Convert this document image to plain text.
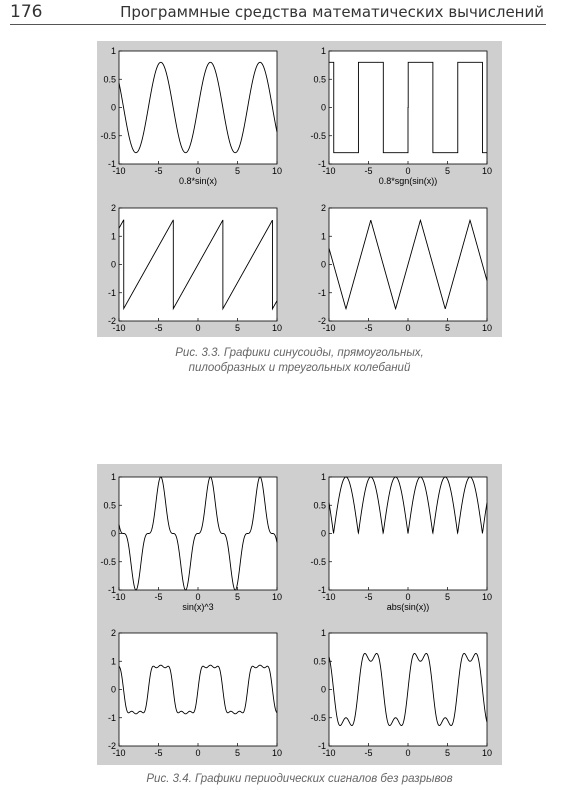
176	Программные средства математических вычислений
-10	-5	0	5	10
1
0.5
0
-0.5
-1
0.8*sin(x)
-10	-5	0	5	10
1
0.5
0
-0.5
-1
0.8*sgn(sin(x))
-10	-5	0	5	10
2
1
0
-1
-2
-10	-5	0	5	10
2
1
0
-1
-2
Рис. 3.3. Графики синусоиды, прямоугольных,
пилообразных и треугольных колебаний
-10	-5	0	5	10
1
0.5
0
-0.5
-1
sin(x)^3
-10	-5	0	5	10
1
0.5
0
-0.5
-1
abs(sin(x))
-10	-5	0	5	10
2
1
0
-1
-2
-10	-5	0	5	10
1
0.5
0
-0.5
-1
Рис. 3.4. Графики периодических сигналов без разрывов
